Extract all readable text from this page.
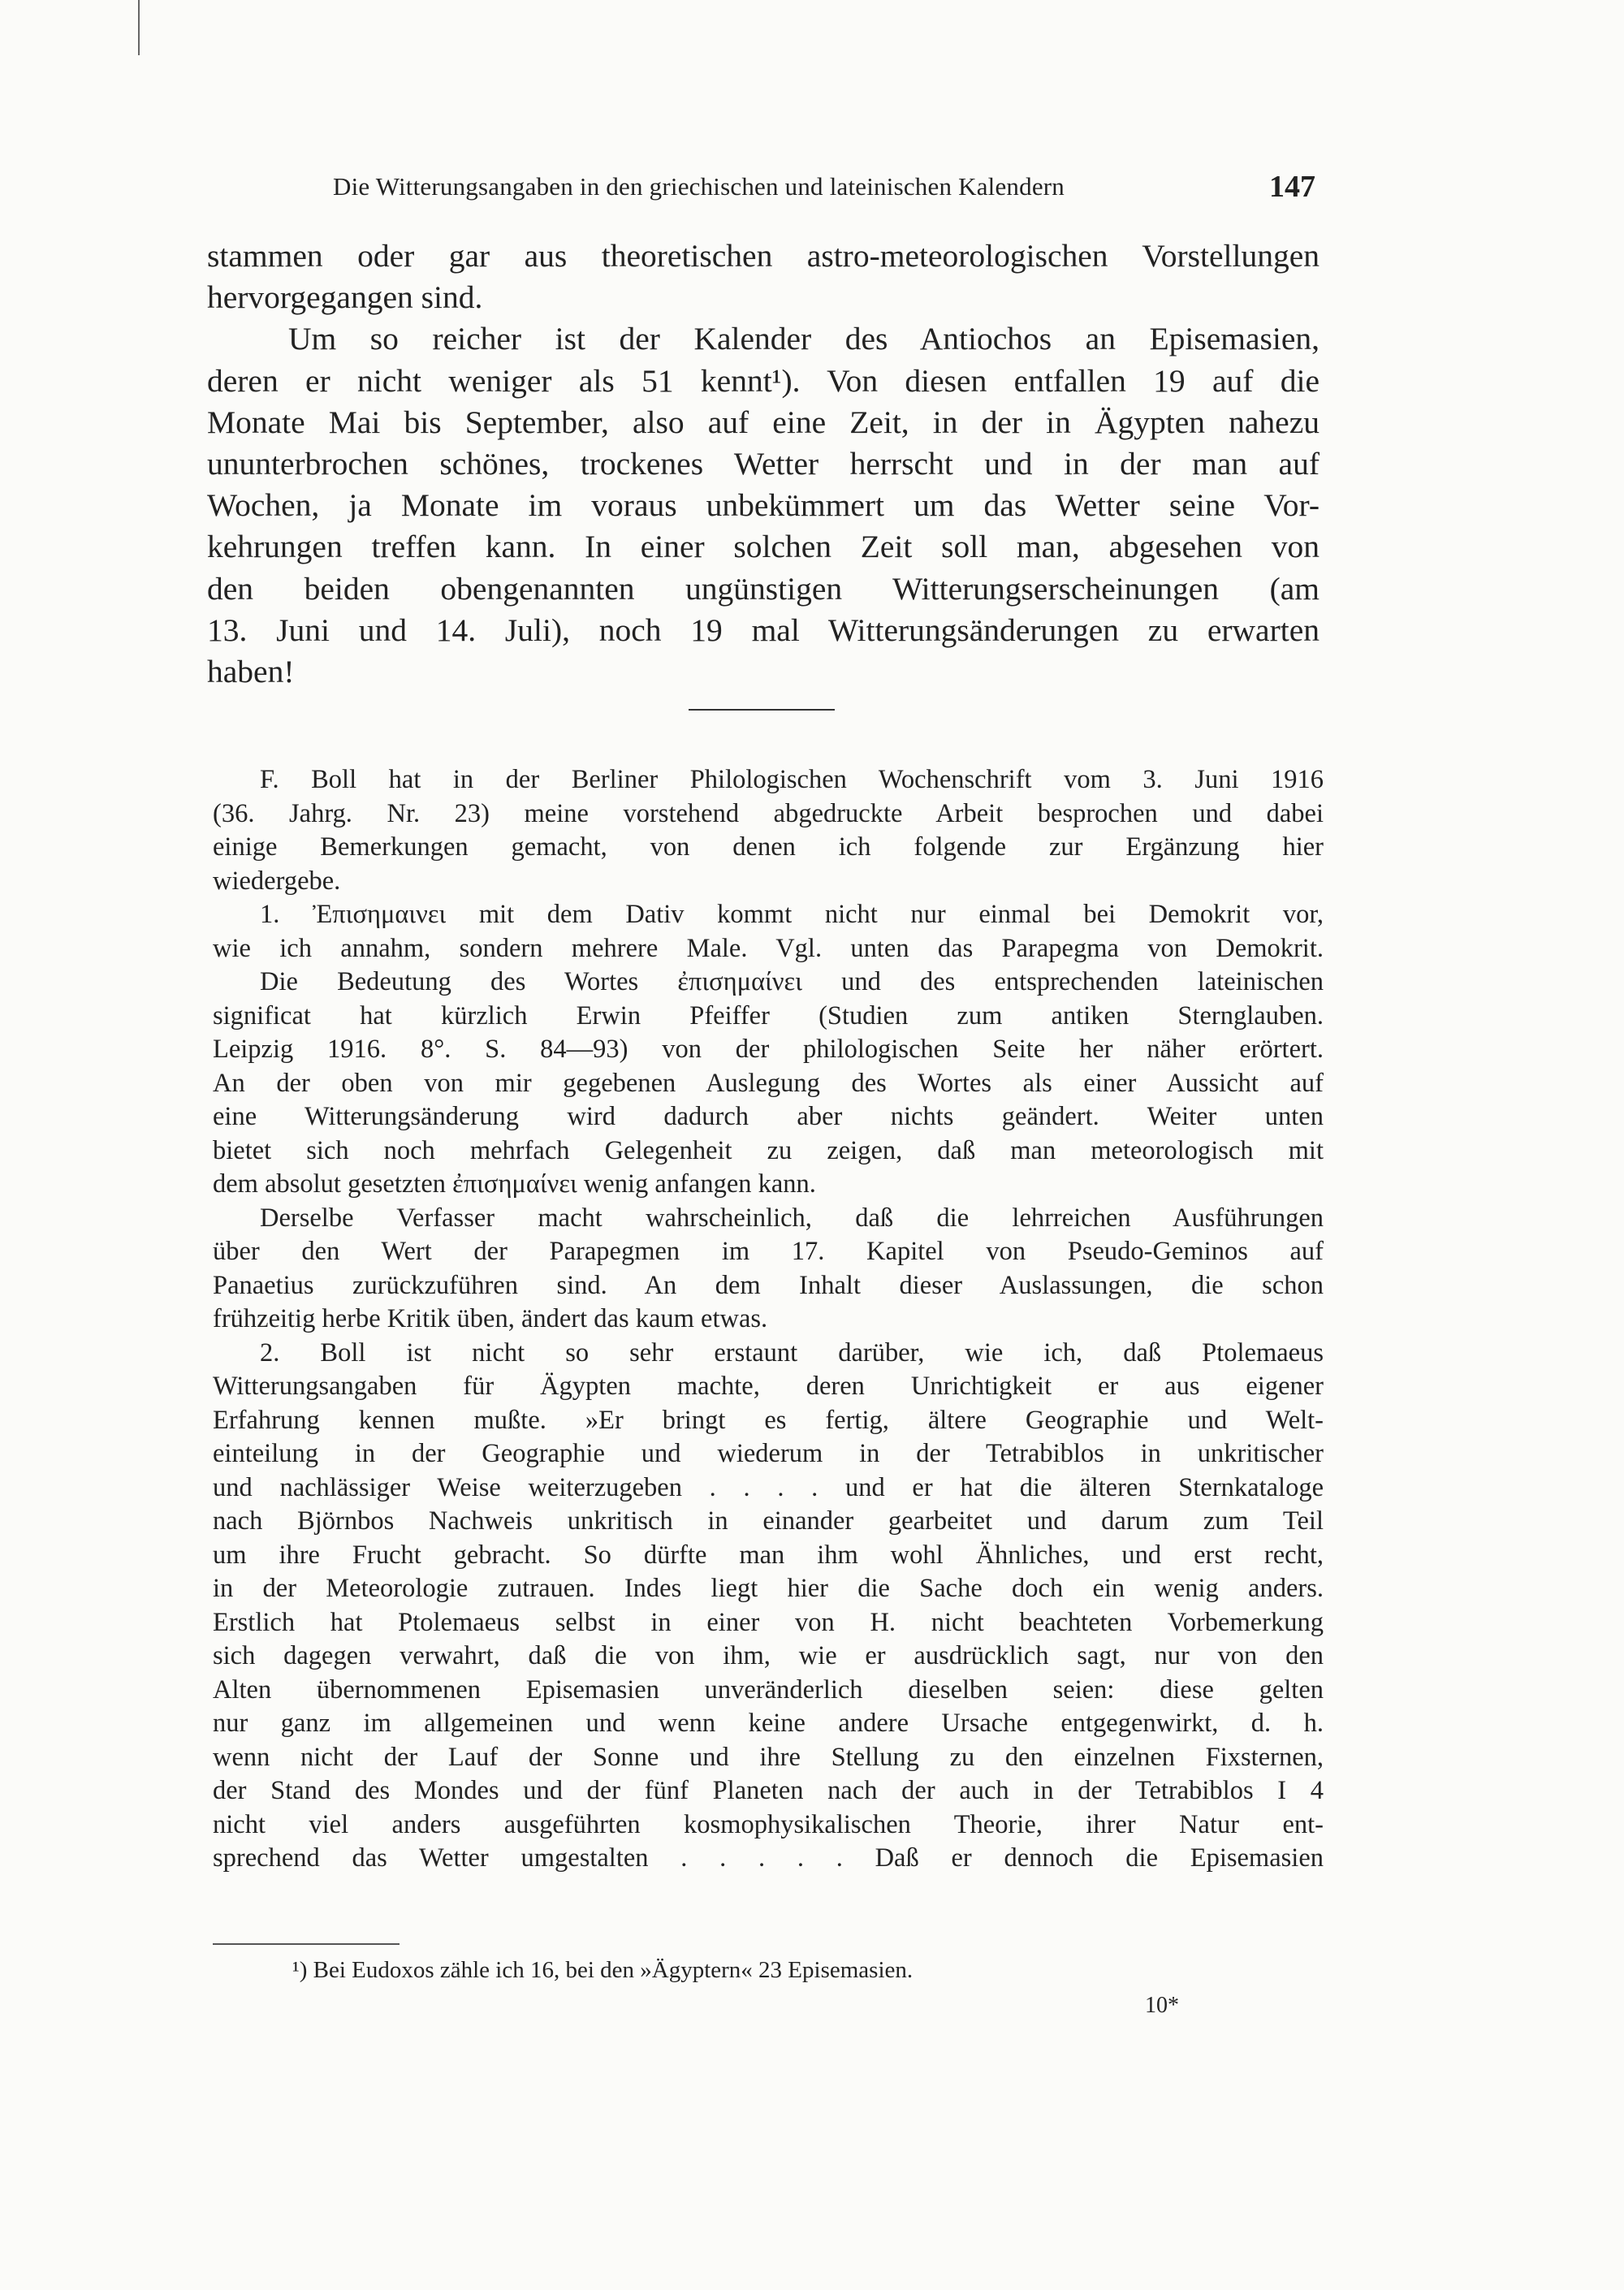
Die Witterungsangaben in den griechischen und lateinischen Kalendern	147
stammen oder gar aus theoretischen astro-meteorologischen Vorstellungen
hervorgegangen sind.
Um so reicher ist der Kalender des Antiochos an Episemasien,
deren er nicht weniger als 51 kennt¹). Von diesen entfallen 19 auf die
Monate Mai bis September, also auf eine Zeit, in der in Ägypten nahezu
ununterbrochen schönes, trockenes Wetter herrscht und in der man auf
Wochen, ja Monate im voraus unbekümmert um das Wetter seine Vor-
kehrungen treffen kann. In einer solchen Zeit soll man, abgesehen von
den beiden obengenannten ungünstigen Witterungserscheinungen (am
13. Juni und 14. Juli), noch 19 mal Witterungsänderungen zu erwarten
haben!
F. Boll hat in der Berliner Philologischen Wochenschrift vom 3. Juni 1916
(36. Jahrg. Nr. 23) meine vorstehend abgedruckte Arbeit besprochen und dabei
einige Bemerkungen gemacht, von denen ich folgende zur Ergänzung hier
wiedergebe.
1. Ἐπισημαινει mit dem Dativ kommt nicht nur einmal bei Demokrit vor,
wie ich annahm, sondern mehrere Male. Vgl. unten das Parapegma von Demokrit.
Die Bedeutung des Wortes ἐπισημαίνει und des entsprechenden lateinischen
significat hat kürzlich Erwin Pfeiffer (Studien zum antiken Sternglauben.
Leipzig 1916. 8°. S. 84—93) von der philologischen Seite her näher erörtert.
An der oben von mir gegebenen Auslegung des Wortes als einer Aussicht auf
eine Witterungsänderung wird dadurch aber nichts geändert. Weiter unten
bietet sich noch mehrfach Gelegenheit zu zeigen, daß man meteorologisch mit
dem absolut gesetzten ἐπισημαίνει wenig anfangen kann.
Derselbe Verfasser macht wahrscheinlich, daß die lehrreichen Ausführungen
über den Wert der Parapegmen im 17. Kapitel von Pseudo-Geminos auf
Panaetius zurückzuführen sind. An dem Inhalt dieser Auslassungen, die schon
frühzeitig herbe Kritik üben, ändert das kaum etwas.
2. Boll ist nicht so sehr erstaunt darüber, wie ich, daß Ptolemaeus
Witterungsangaben für Ägypten machte, deren Unrichtigkeit er aus eigener
Erfahrung kennen mußte. »Er bringt es fertig, ältere Geographie und Welt-
einteilung in der Geographie und wiederum in der Tetrabiblos in unkritischer
und nachlässiger Weise weiterzugeben . . . . und er hat die älteren Sternkataloge
nach Björnbos Nachweis unkritisch in einander gearbeitet und darum zum Teil
um ihre Frucht gebracht. So dürfte man ihm wohl Ähnliches, und erst recht,
in der Meteorologie zutrauen. Indes liegt hier die Sache doch ein wenig anders.
Erstlich hat Ptolemaeus selbst in einer von H. nicht beachteten Vorbemerkung
sich dagegen verwahrt, daß die von ihm, wie er ausdrücklich sagt, nur von den
Alten übernommenen Episemasien unveränderlich dieselben seien: diese gelten
nur ganz im allgemeinen und wenn keine andere Ursache entgegenwirkt, d. h.
wenn nicht der Lauf der Sonne und ihre Stellung zu den einzelnen Fixsternen,
der Stand des Mondes und der fünf Planeten nach der auch in der Tetrabiblos I 4
nicht viel anders ausgeführten kosmophysikalischen Theorie, ihrer Natur ent-
sprechend das Wetter umgestalten . . . . . Daß er dennoch die Episemasien
¹) Bei Eudoxos zähle ich 16, bei den »Ägyptern« 23 Episemasien.
10*
